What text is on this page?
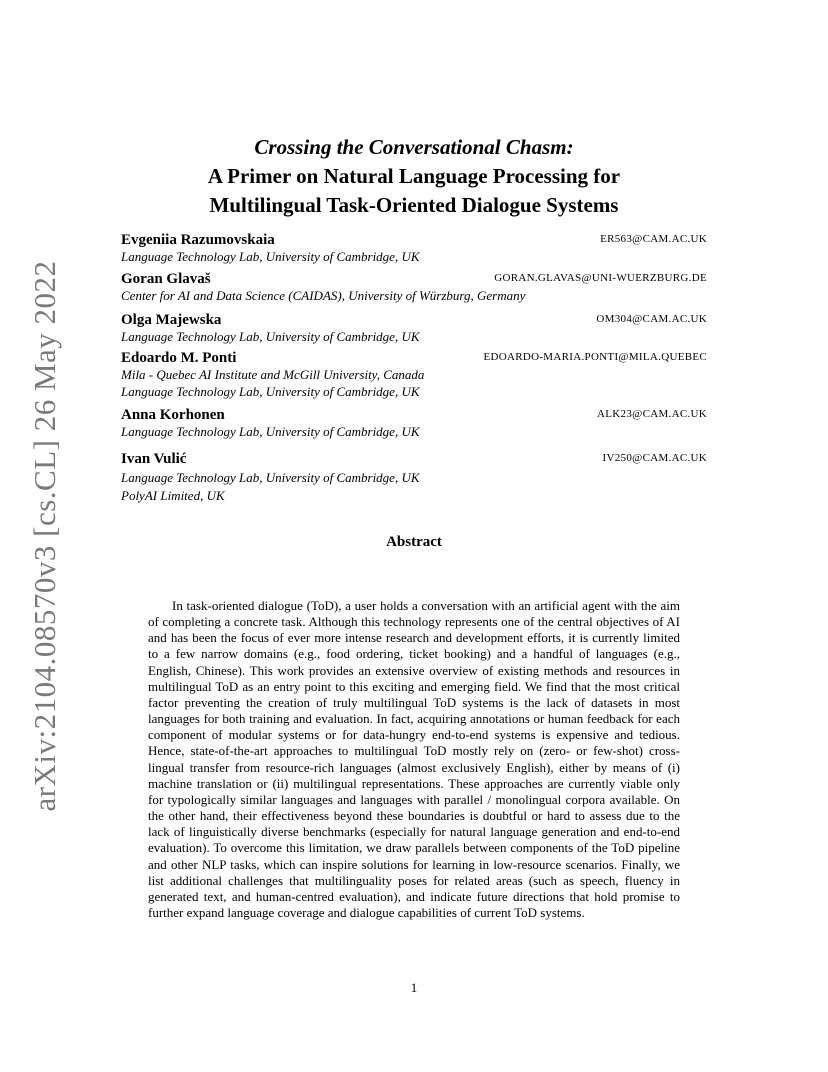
arXiv:2104.08570v3 [cs.CL] 26 May 2022
Crossing the Conversational Chasm:
A Primer on Natural Language Processing for
Multilingual Task-Oriented Dialogue Systems
Evgeniia Razumovskaia	ER563@CAM.AC.UK
Language Technology Lab, University of Cambridge, UK
Goran Glavaš	GORAN.GLAVAS@UNI-WUERZBURG.DE
Center for AI and Data Science (CAIDAS), University of Würzburg, Germany
Olga Majewska	OM304@CAM.AC.UK
Language Technology Lab, University of Cambridge, UK
Edoardo M. Ponti	EDOARDO-MARIA.PONTI@MILA.QUEBEC
Mila - Quebec AI Institute and McGill University, Canada
Language Technology Lab, University of Cambridge, UK
Anna Korhonen	ALK23@CAM.AC.UK
Language Technology Lab, University of Cambridge, UK
Ivan Vulić	IV250@CAM.AC.UK
Language Technology Lab, University of Cambridge, UK
PolyAI Limited, UK
Abstract

In task-oriented dialogue (ToD), a user holds a conversation with an artificial agent with the aim of completing a concrete task. Although this technology represents one of the central objectives of AI and has been the focus of ever more intense research and development efforts, it is currently limited to a few narrow domains (e.g., food ordering, ticket booking) and a handful of languages (e.g., English, Chinese). This work provides an extensive overview of existing methods and resources in multilingual ToD as an entry point to this exciting and emerging field. We find that the most critical factor preventing the creation of truly multilingual ToD systems is the lack of datasets in most languages for both training and evaluation. In fact, acquiring annotations or human feedback for each component of modular systems or for data-hungry end-to-end systems is expensive and tedious. Hence, state-of-the-art approaches to multilingual ToD mostly rely on (zero- or few-shot) cross-lingual transfer from resource-rich languages (almost exclusively English), either by means of (i) machine translation or (ii) multilingual representations. These approaches are currently viable only for typologically similar languages and languages with parallel / monolingual corpora available. On the other hand, their effectiveness beyond these boundaries is doubtful or hard to assess due to the lack of linguistically diverse benchmarks (especially for natural language generation and end-to-end evaluation). To overcome this limitation, we draw parallels between components of the ToD pipeline and other NLP tasks, which can inspire solutions for learning in low-resource scenarios. Finally, we list additional challenges that multilinguality poses for related areas (such as speech, fluency in generated text, and human-centred evaluation), and indicate future directions that hold promise to further expand language coverage and dialogue capabilities of current ToD systems.

1
